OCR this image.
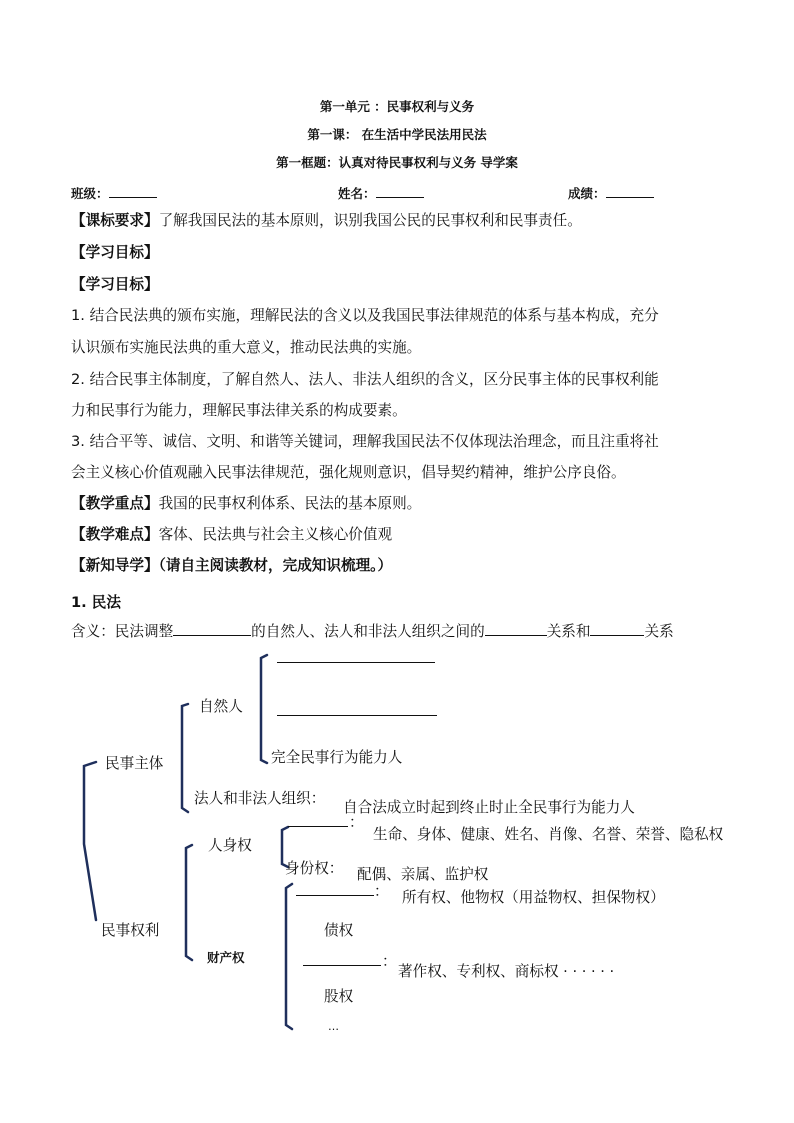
第一单元 ：民事权利与义务
第一课： 在生活中学民法用民法
第一框题：认真对待民事权利与义务 导学案
班级：	姓名：	成绩：
【课标要求】了解我国民法的基本原则，识别我国公民的民事权利和民事责任。
【学习目标】
【学习目标】
1. 结合民法典的颁布实施，理解民法的含义以及我国民事法律规范的体系与基本构成，充分
认识颁布实施民法典的重大意义，推动民法典的实施。
2. 结合民事主体制度，了解自然人、法人、非法人组织的含义，区分民事主体的民事权利能
力和民事行为能力，理解民事法律关系的构成要素。
3. 结合平等、诚信、文明、和谐等关键词，理解我国民法不仅体现法治理念，而且注重将社
会主义核心价值观融入民事法律规范，强化规则意识，倡导契约精神，维护公序良俗。
【教学重点】我国的民事权利体系、民法的基本原则。
【教学难点】客体、民法典与社会主义核心价值观
【新知导学】（请自主阅读教材，完成知识梳理。）
1. 民法
含义：民法调整	的自然人、法人和非法人组织之间的	关系和	关系
民事主体
自然人
完全民事行为能力人
法人和非法人组织：
自合法成立时起到终止时止全民事行为能力人
民事权利
人身权
：
生命、身体、健康、姓名、肖像、名誉、荣誉、隐私权
身份权： 配偶、亲属、监护权
财产权
： 所有权、他物权（用益物权、担保物权）
债权
：
著作权、专利权、商标权 · · · · · ·
股权
…
